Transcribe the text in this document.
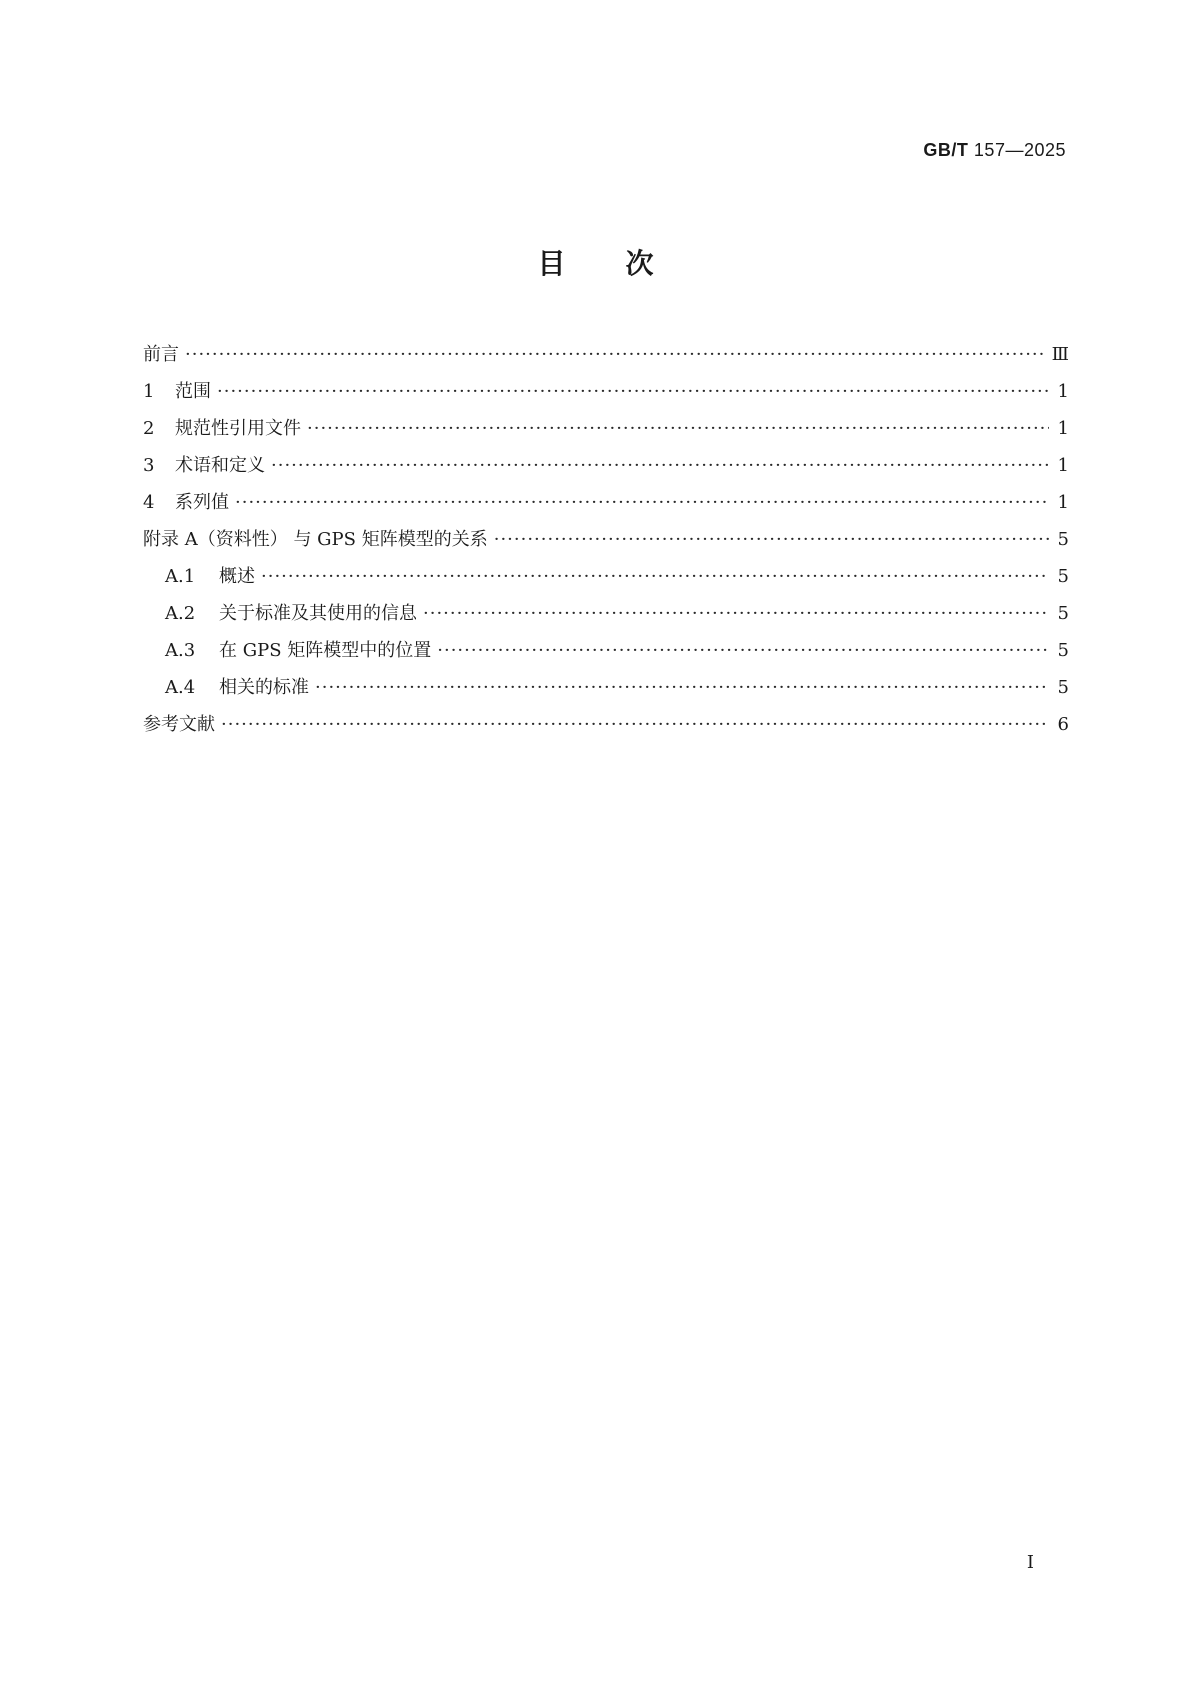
GB/T 157—2025
目次
前言 ·····	Ⅲ
1	范围 ·····	1
2	规范性引用文件 ·····	1
3	术语和定义 ·····	1
4	系列值 ·····	1
附录 A（资料性） 与 GPS 矩阵模型的关系 ·····	5
A.1	概述 ·····	5
A.2	关于标准及其使用的信息 ·····	5
A.3	在 GPS 矩阵模型中的位置 ·····	5
A.4	相关的标准 ·····	5
参考文献 ·····	6
Ⅰ
